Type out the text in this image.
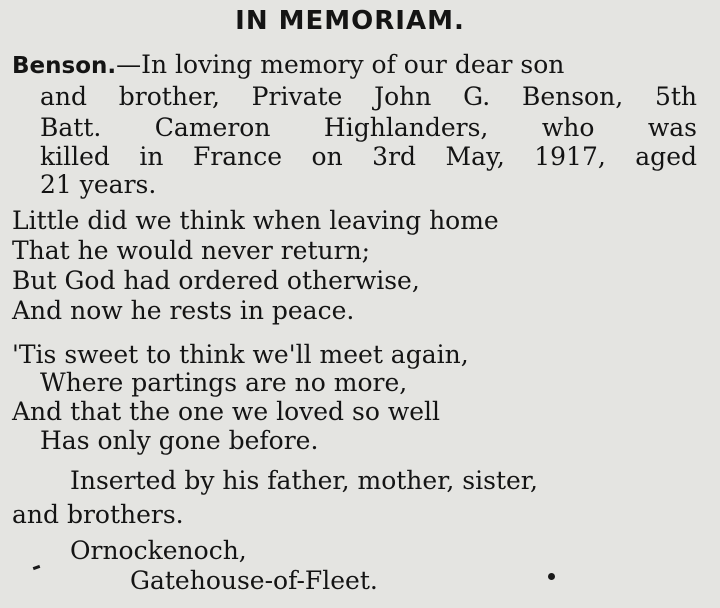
IN MEMORIAM.
Benson.—In loving memory of our dear son
and brother, Private John G. Benson, 5th
Batt. Cameron Highlanders, who was
killed in France on 3rd May, 1917, aged
21 years.
Little did we think when leaving home
That he would never return;
But God had ordered otherwise,
And now he rests in peace.
'Tis sweet to think we'll meet again,
Where partings are no more,
And that the one we loved so well
Has only gone before.
Inserted by his father, mother, sister,
and brothers.
Ornockenoch,
Gatehouse-of-Fleet.
